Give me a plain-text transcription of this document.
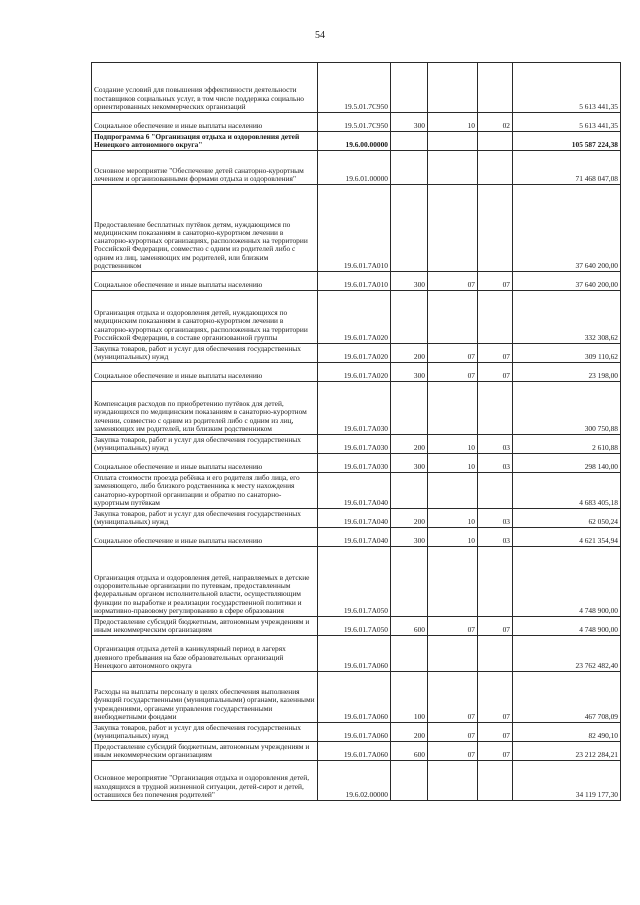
54
Создание условий для повышения эффективности деятельности поставщиков социальных услуг, в том числе поддержка социально ориентированных некоммерческих организаций	19.5.01.7С950				5 613 441,35
Социальное обеспечение и иные выплаты населению	19.5.01.7С950	300	10	02	5 613 441,35
Подпрограмма 6 "Организация отдыха и оздоровления детей Ненецкого автономного округа"	19.6.00.00000				105 587 224,38
Основное мероприятие "Обеспечение детей санаторно-курортным лечением и организованными формами отдыха и оздоровления"	19.6.01.00000				71 468 047,08
Предоставление бесплатных путёвок детям, нуждающимся по медицинским показаниям в санаторно-курортном лечении в санаторно-курортных организациях, расположенных на территории Российской Федерации, совместно с одним из родителей либо с одним из лиц, заменяющих им родителей, или близким родственником	19.6.01.7А010				37 640 200,00
Социальное обеспечение и иные выплаты населению	19.6.01.7А010	300	07	07	37 640 200,00
Организация отдыха и оздоровления детей, нуждающихся по медицинским показаниям в санаторно-курортном лечении в санаторно-курортных организациях, расположенных на территории Российской Федерации, в составе организованной группы	19.6.01.7А020				332 308,62
Закупка товаров, работ и услуг для обеспечения государственных (муниципальных) нужд	19.6.01.7А020	200	07	07	309 110,62
Социальное обеспечение и иные выплаты населению	19.6.01.7А020	300	07	07	23 198,00
Компенсация расходов по приобретению путёвок для детей, нуждающихся по медицинским показаниям в санаторно-курортном лечении, совместно с одним из родителей либо с одним из лиц, заменяющих им родителей, или близким родственником	19.6.01.7А030				300 750,88
Закупка товаров, работ и услуг для обеспечения государственных (муниципальных) нужд	19.6.01.7А030	200	10	03	2 610,88
Социальное обеспечение и иные выплаты населению	19.6.01.7А030	300	10	03	298 140,00
Оплата стоимости проезда ребёнка и его родителя либо лица, его заменяющего, либо близкого родственника к месту нахождения санаторно-курортной организации и обратно по санаторно-курортным путёвкам	19.6.01.7А040				4 683 405,18
Закупка товаров, работ и услуг для обеспечения государственных (муниципальных) нужд	19.6.01.7А040	200	10	03	62 050,24
Социальное обеспечение и иные выплаты населению	19.6.01.7А040	300	10	03	4 621 354,94
Организация отдыха и оздоровления детей, направляемых в детские оздоровительные организации по путевкам, предоставленным федеральным органом исполнительной власти, осуществляющим функции по выработке и реализации государственной политики и нормативно-правовому регулированию в сфере образования	19.6.01.7А050				4 748 900,00
Предоставление субсидий бюджетным, автономным учреждениям и иным некоммерческим организациям	19.6.01.7А050	600	07	07	4 748 900,00
Организация отдыха детей в каникулярный период в лагерях дневного пребывания на базе образовательных организаций Ненецкого автономного округа	19.6.01.7А060				23 762 482,40
Расходы на выплаты персоналу в целях обеспечения выполнения функций государственными (муниципальными) органами, казенными учреждениями, органами управления государственными внебюджетными фондами	19.6.01.7А060	100	07	07	467 708,09
Закупка товаров, работ и услуг для обеспечения государственных (муниципальных) нужд	19.6.01.7А060	200	07	07	82 490,10
Предоставление субсидий бюджетным, автономным учреждениям и иным некоммерческим организациям	19.6.01.7А060	600	07	07	23 212 284,21
Основное мероприятие "Организация отдыха и оздоровления детей, находящихся в трудной жизненной ситуации, детей-сирот и детей, оставшихся без попечения родителей"	19.6.02.00000				34 119 177,30
